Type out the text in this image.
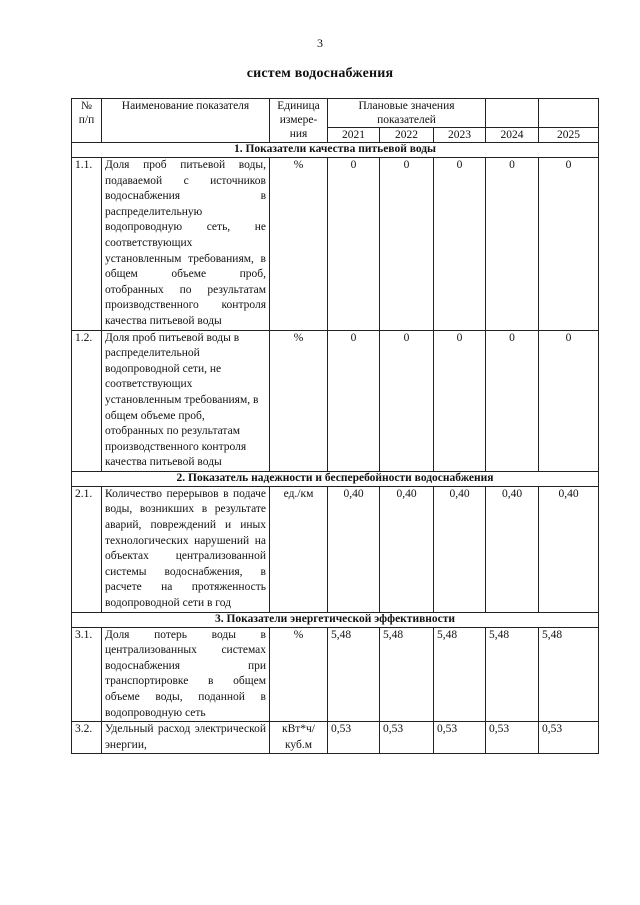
3
систем водоснабжения
№ п/п	Наименование показателя	Единица измере-ния	Плановые значения показателей				
			2021	2022	2023	2024	2025
1. Показатели качества питьевой воды							
1.1.	Доля проб питьевой воды, подаваемой с источников водоснабжения в распределительную водопроводную сеть, не соответствующих установленным требованиям, в общем объеме проб, отобранных по результатам производственного контроля качества питьевой воды	%	0	0	0	0	0
1.2.	Доля проб питьевой воды в распределительной водопроводной сети, не соответствующих установленным требованиям, в общем объеме проб, отобранных по результатам производственного контроля качества питьевой воды	%	0	0	0	0	0
2. Показатель надежности и бесперебойности водоснабжения							
2.1.	Количество перерывов в подаче воды, возникших в результате аварий, повреждений и иных технологических нарушений на объектах централизованной системы водоснабжения, в расчете на протяженность водопроводной сети в год	ед./км	0,40	0,40	0,40	0,40	0,40
3. Показатели энергетической эффективности							
3.1.	Доля потерь воды в централизованных системах водоснабжения при транспортировке в общем объеме воды, поданной в водопроводную сеть	%	5,48	5,48	5,48	5,48	5,48
3.2.	Удельный расход электрической энергии,	кВт*ч/ куб.м	0,53	0,53	0,53	0,53	0,53
